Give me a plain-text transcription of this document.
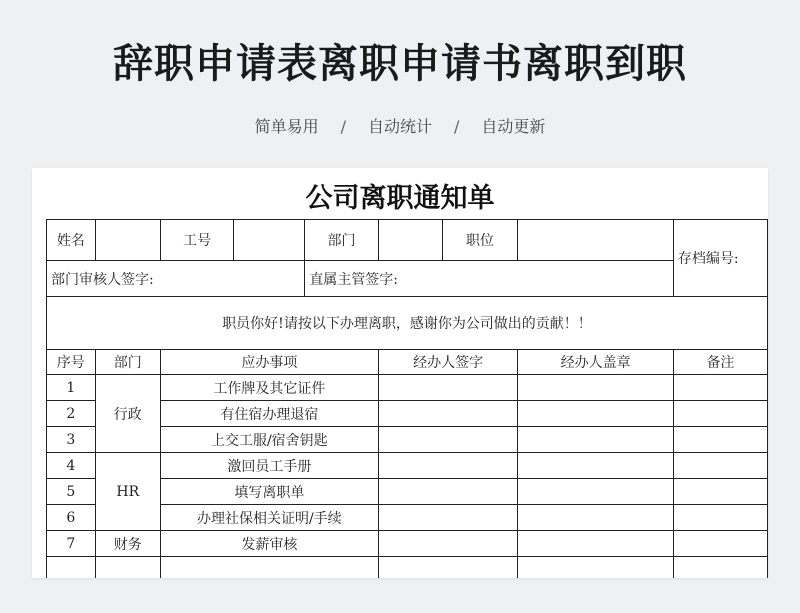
辞职申请表离职申请书离职到职
简单易用 / 自动统计 / 自动更新
公司离职通知单
姓名		工号		部门		职位		存档编号:
部门审核人签字:				直属主管签字:				
职员你好!请按以下办理离职，感谢你为公司做出的贡献！！								
序号	部门	应办事项			经办人签字		经办人盖章	备注
1	行政	工作牌及其它证件						
2		有住宿办理退宿						
3		上交工服/宿舍钥匙						
4	HR	激回员工手册						
5		填写离职单						
6		办理社保相关证明/手续						
7	财务	发薪审核						
